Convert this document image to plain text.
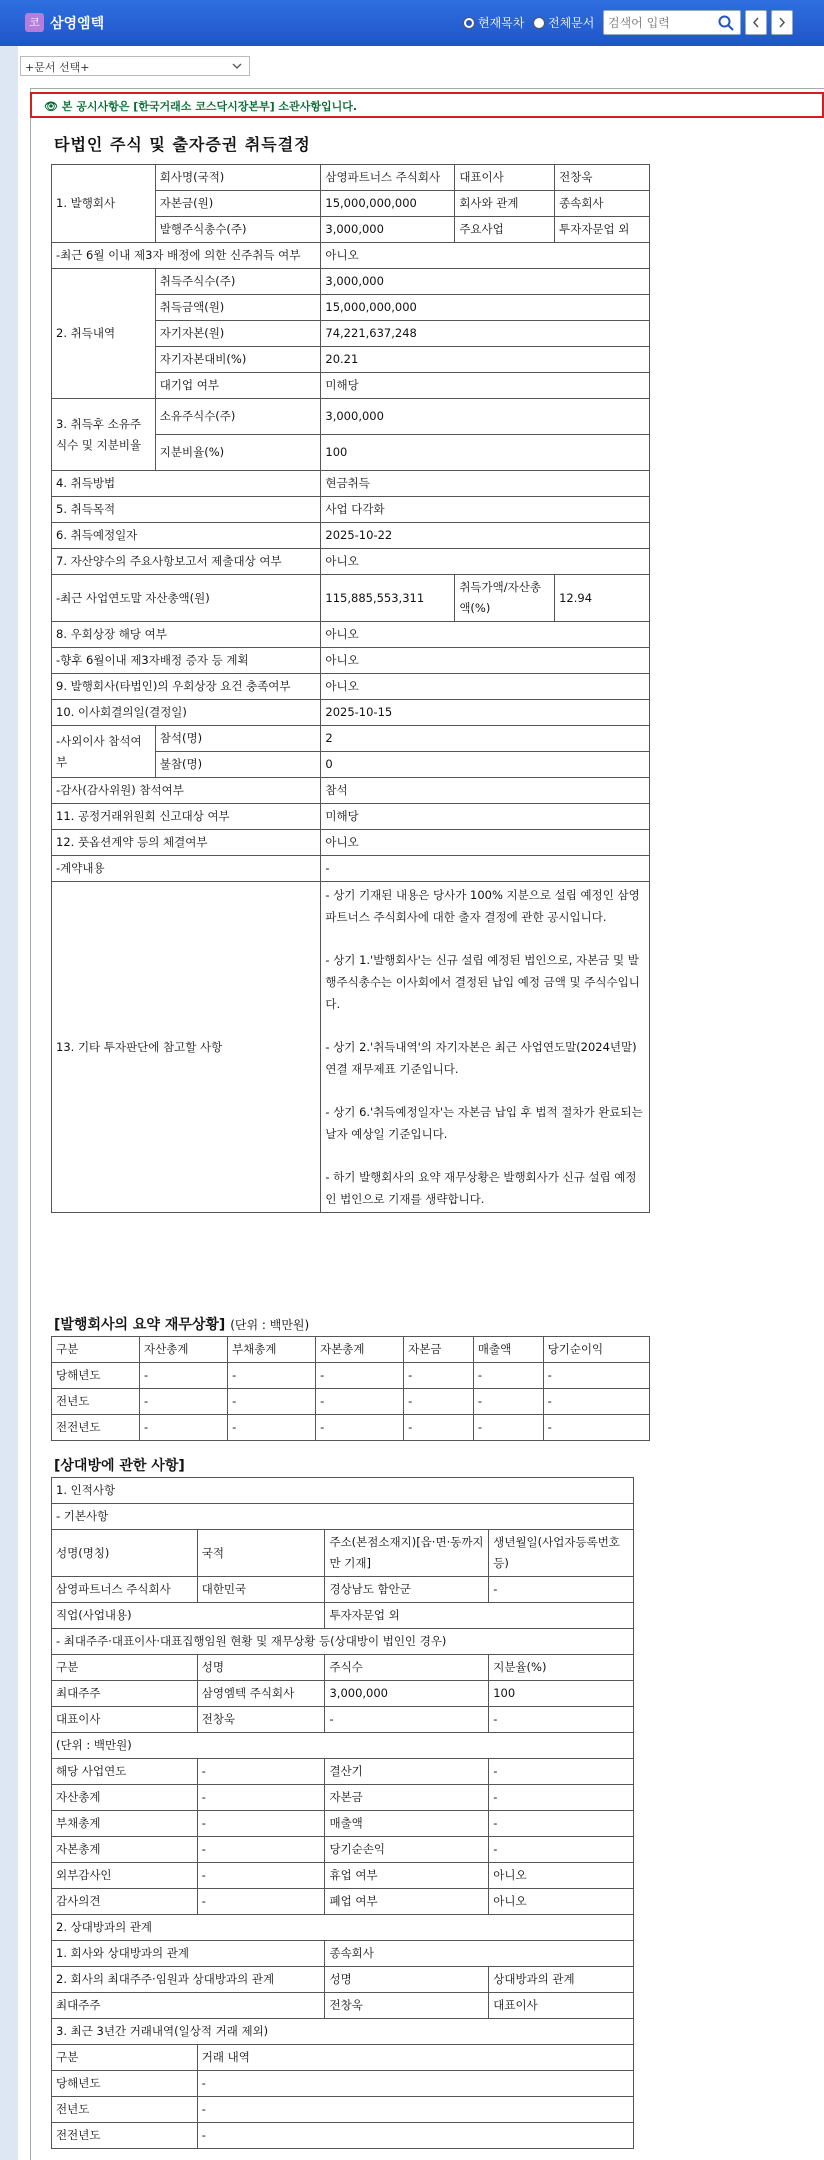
코 삼영엠텍	현재목차 전체문서
검색어 입력
+문서 선택+
👁 본 공시사항은 [한국거래소 코스닥시장본부] 소관사항입니다.
타법인 주식 및 출자증권 취득결정
1. 발행회사	회사명(국적)	삼영파트너스 주식회사	대표이사	전창욱
	자본금(원)	15,000,000,000	회사와 관계	종속회사
	발행주식총수(주)	3,000,000	주요사업	투자자문업 외
-최근 6월 이내 제3자 배정에 의한 신주취득 여부		아니오		
2. 취득내역	취득주식수(주)	3,000,000		
	취득금액(원)	15,000,000,000		
	자기자본(원)	74,221,637,248		
	자기자본대비(%)	20.21		
	대기업 여부	미해당		
3. 취득후 소유주식수 및 지분비율	소유주식수(주)	3,000,000		
	지분비율(%)	100		
4. 취득방법		현금취득		
5. 취득목적		사업 다각화		
6. 취득예정일자		2025-10-22		
7. 자산양수의 주요사항보고서 제출대상 여부		아니오		
-최근 사업연도말 자산총액(원)		115,885,553,311	취득가액/자산총액(%)	12.94
8. 우회상장 해당 여부		아니오		
-향후 6월이내 제3자배정 증자 등 계획		아니오		
9. 발행회사(타법인)의 우회상장 요건 충족여부		아니오		
10. 이사회결의일(결정일)		2025-10-15		
-사외이사 참석여부	참석(명)	2		
	불참(명)	0		
-감사(감사위원) 참석여부		참석		
11. 공정거래위원회 신고대상 여부		미해당		
12. 풋옵션계약 등의 체결여부		아니오		
-계약내용		-		
13. 기타 투자판단에 참고할 사항		- 상기 기재된 내용은 당사가 100% 지분으로 설립 예정인 삼영파트너스 주식회사에 대한 출자 결정에 관한 공시입니다.

- 상기 1.'발행회사'는 신규 설립 예정된 법인으로, 자본금 및 발행주식총수는 이사회에서 결정된 납입 예정 금액 및 주식수입니다.

- 상기 2.'취득내역'의 자기자본은 최근 사업연도말(2024년말) 연결 재무제표 기준입니다.

- 상기 6.'취득예정일자'는 자본금 납입 후 법적 절차가 완료되는 날자 예상일 기준입니다.

- 하기 발행회사의 요약 재무상황은 발행회사가 신규 설립 예정인 법인으로 기재를 생략합니다.		

[발행회사의 요약 재무상황] (단위 : 백만원)
구분	자산총계	부채총계	자본총계	자본금	매출액	당기순이익
당해년도	-	-	-	-	-	-
전년도	-	-	-	-	-	-
전전년도	-	-	-	-	-	-
[상대방에 관한 사항]
1. 인적사항			
- 기본사항			
성명(명칭)	국적	주소(본점소재지)[읍·면·동까지만 기재]	생년월일(사업자등록번호 등)
삼영파트너스 주식회사	대한민국	경상남도 함안군	-
직업(사업내용)		투자자문업 외	
- 최대주주·대표이사·대표집행임원 현황 및 재무상황 등(상대방이 법인인 경우)			
구분	성명	주식수	지분율(%)
최대주주	삼영엠텍 주식회사	3,000,000	100
대표이사	전창욱	-	-
(단위 : 백만원)			
해당 사업연도	-	결산기	-
자산총계	-	자본금	-
부채총계	-	매출액	-
자본총계	-	당기순손익	-
외부감사인	-	휴업 여부	아니오
감사의견	-	폐업 여부	아니오
2. 상대방과의 관계			
1. 회사와 상대방과의 관계		종속회사	
2. 회사의 최대주주·임원과 상대방과의 관계		성명	상대방과의 관계
최대주주		전창욱	대표이사
3. 최근 3년간 거래내역(일상적 거래 제외)			
구분	거래 내역		
당해년도	-		
전년도	-		
전전년도	-		
